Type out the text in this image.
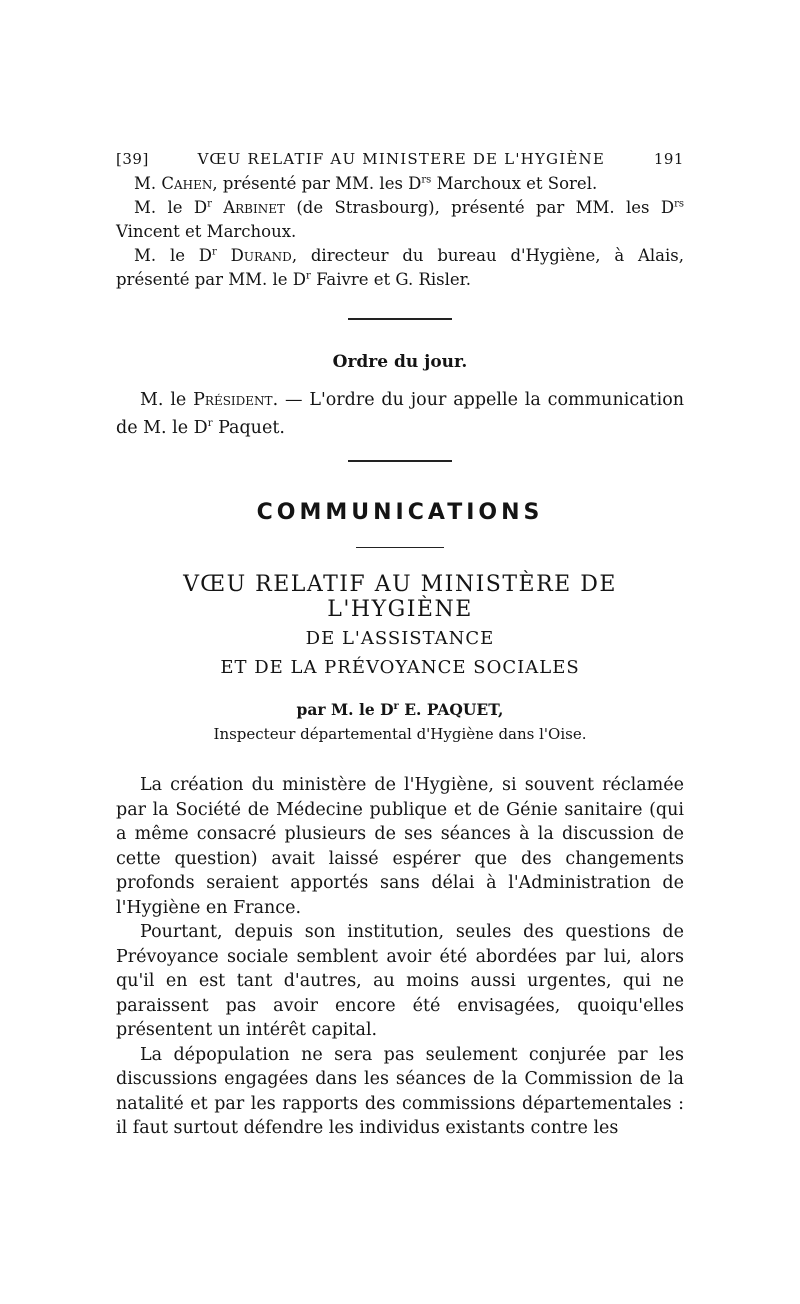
[39]	VŒU RELATIF AU MINISTERE DE L'HYGIÈNE	191

M. Cahen, présenté par MM. les $D^{rs}$ Marchoux et Sorel.

M. le $D^r$ Arbinet (de Strasbourg), présenté par MM. les $D^{rs}$ Vincent et Marchoux.

M. le $D^r$ Durand, directeur du bureau d'Hygiène, à Alais, présenté par MM. le $D^r$ Faivre et G. Risler.

Ordre du jour.

M. le Président. — L'ordre du jour appelle la communication de M. le $D^r$ Paquet.

COMMUNICATIONS
VŒU RELATIF AU MINISTÈRE DE L'HYGIÈNE
DE L'ASSISTANCE
ET DE LA PRÉVOYANCE SOCIALES
par M. le $D^r$ E. PAQUET,
Inspecteur départemental d'Hygiène dans l'Oise.

La création du ministère de l'Hygiène, si souvent réclamée par la Société de Médecine publique et de Génie sanitaire (qui a même consacré plusieurs de ses séances à la discussion de cette question) avait laissé espérer que des changements profonds seraient apportés sans délai à l'Administration de l'Hygiène en France.

Pourtant, depuis son institution, seules des questions de Prévoyance sociale semblent avoir été abordées par lui, alors qu'il en est tant d'autres, au moins aussi urgentes, qui ne paraissent pas avoir encore été envisagées, quoiqu'elles présentent un intérêt capital.

La dépopulation ne sera pas seulement conjurée par les discussions engagées dans les séances de la Commission de la natalité et par les rapports des commissions départementales : il faut surtout défendre les individus existants contre les
